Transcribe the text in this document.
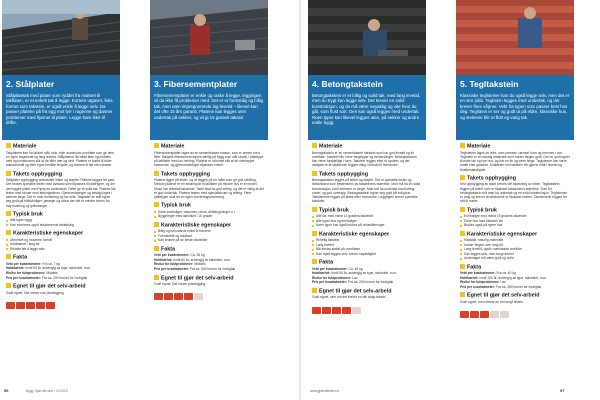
2. Stålplater
Stålplatetak med plater som ryddet fra malmet til takflaten, er et enkelt tak å legge. Kortere utgaver, feks. formet som takstein, er også enkle å legge selv. Da passer platene på fra egg mot fyrr i ragenne og danner problemer med hjørnet til plater. Legge bare ikke til drifte.
Materiale
Takplatene kan ha lakkert stål, sink- eller aluminium-overflate som gir dem en egen fargekode og lang levetid. Stålplatene får både liten og middels vekt og konstrueres slik at de tåler vær og vind. Platene er kuttet til både standardmål og etter egne bestilte lengder, og leveres til tak uten skader.
Takets oppbygging
Stålplater oppbygging omhandler lekter og sløyfer. Platene lagges fra gavl. Det brukes spesielle lekter med avstand som tilpasses til platetyper, og der det legges plater med hjelp av undertaket. Dette gir et solid tak. Platene blir festet med skruer med tetningsskiver. Gjennomføringer og beslag lages i samme farge. Det er rask montering og lav vekt. Takplater av stål egner seg godt på fritidsboliger, garasjer og uthus der det er mindre behov for høy isolering og lydisolasjon.
Typisk bruk
Alle typer bygg
Kan monteres oppå eksisterende taktekking
Karakteristiske egenskaper
Utmerket og moderne formål
Holdbarhet i lang tid
Relativt lett å legge selv
Fakta
Vekt per kvadratmeter: Fra ca. 7 kg
Holdbarhet: Inntil 50 år, avhengig av type, takvinkel, m.m.
Risiko for fuktproblemer: Middels
Pris per kvadratmeter: Fra ca. 200 kroner for fordigtak
Egnet til gjør det selv-arbeid
Godt egnet. Det krever noe planlegging.
96	Bygg: Gjør det selv • 10.2013
3. Fibersementplater
Fibersementplater er enkle og raske å legge, leggingen vil da ikke få problemer med. Det er et formstilig og billig tak, men uten impregnerende lag levetid – likevel kan det ofte 15 års garanti. Platene kan legges uten undertak på sekker, og vil gi 15 garanti takstol.
Materiale
Fibersementplater lages av en sementbasert masse, som er armert med fiber. Bølgete fibersement egnes særlig på bygg som står utsatt, i platetype på takflater med lav helning. Platene er utformet slik at de overlapper hverandre, og gjennomføringer tilpasses enkelt.
Takets oppbygging
Platene ligger på lekter, og vil legges på en måte som gir god utlufting. Mellom platene er en smøregule til takflater på mindre hus er en fordel. Disse har anbefalt takvinkel. Taket skal ha god lufting, og det er viktig at det er god undertak. Platene festes med spesialskruer og tetting. Flere platetyper skal ha en egen monteringsanvisning.
Typisk bruk
Eldre eneboliger, carporter, uthus, driftsbygninger o.l.
Byggninger med takvinkel i 15 grader
Karakteristiske egenskaper
Billig og forholdsvis enkel å montere
Formstabilt og holdbart
Kan brukes på de fleste takvinkler
Fakta
Vekt per kvadratmeter: Ca. 16 kg
Holdbarhet: Inntil 60 år, avhengig av takvinkel, m.m.
Risiko for fuktproblemer: Middels
Pris per kvadratmeter: Fra ca. 300 kroner for fordigtak
Egnet til gjør det selv-arbeid
Godt egnet. Det krever planlegging.
4. Betongtakstein
Betongtakstein er et billig og solid tak, med lang levetid, men du trygt kan legge selv. Det krever en solid konstruksjon, og du må være nøyaktig og vite hvor du går, som flust sort. Den kan også legges med undertak. Noen typer kan likevel legges uten, på sekker og andre enkle bygg.
Materiale
Betongtakstein er en sementbasert takstein som har god levetid og fin overflate. Takstein fås i flere fargetyper og behandlinger. Betongtakstein kan være forskjellige i form. Takstein legges etter et system, og det viktigste er at taksteinen legges riktig i forhold til hverandre.
Takets oppbygging
Betongtakstein legges på lekter og sløyfer. Det er spesielle lekter og lektavstand som bestemmes av taksteinens størrelse. Man må ha en solid konstruksjon, fordi steinene er tunge. Man må ha undertak med lufting under, og god overlapp. Betongtakstein egner seg godt på bolighus. Taksteinene legges på plass etter hverandre. Leggingen krever spesielle takstoler.
Typisk bruk
Alle tak med minst 14 graders takvinkel
Alle typer hus og eneboliger
Noen typer kan også brukes på rehabiliteringer
Karakteristiske egenskaper
Rimelig takstein
Lang levetid
Blir ekstra stabilt på overflaten
Kan også legges selv, krever nøyaktighet
Fakta
Vekt per kvadratmeter: Ca. 45 kg
Holdbarhet: Inntil 50 år, avhengig av type, takvinkel, m.m.
Risiko for fuktproblemer: Lav
Pris per kvadratmeter: Fra ca. 200 kroner for fordigtak
Egnet til gjør det selv-arbeid
Godt egnet, selv om det krever en del tungt arbeid.
www.gjoerdetselv.no
5. Tegltakstein
Klassiske teglsteiner kan du også legge selv, men det er en stor jobb. Teglstein legges med undertak, og det krever flere våpner. Vekt fra typen som passer best hos deg. Teglstein er ser og godt ut på eldre, klassiske hus, og steinene blir et flott og varig tak.
Materiale
Teglsteiner lages av leire, som presses i ønsket form og brennes i ovn. Teglstein er et naturlig materiale som holder fargen godt. Den er godt egnet til eldre tak og nye hus, og har en fin og varm farge. Teglsteiner kan være matte eller glaserte. Kvaliteten ved takstein blir gjerne målt i levetid og frostbestandighet.
Takets oppbygging
Ved oppbygging av taket kreves det tilpasning av lekter. Tegltakstein legges på lekter som er tilpasset taksteinens størrelse. Som for betongtakstein må man ha undertak og en solid konstruksjon. Teglsteinen er tung og krever at takstolene er tilpasset vekten. Taksteinene legges fra raft til møne.
Typisk bruk
Eneboliger med minst 15 graders takvinkel
Eldre hus med klassisk stil
Brukes også på nyere hus
Karakteristiske egenskaper
Klassisk, naturlig materiale
Holder fargen over lang tid
Lang levetid, også i værutsatte områder
Kan legges selv, men tungt arbeid
Underlaget må være godt og solid
Fakta
Vekt per kvadratmeter: Fra ca. 40 kg
Holdbarhet: Inntil 100 år, avhengig av type, takvinkel, m.m.
Risiko for fuktproblemer: Lav
Pris per kvadratmeter: Fra ca. 250 kroner for fordigtak
Egnet til gjør det selv-arbeid
Godt egnet, men krever en del tungt arbeid.
97
